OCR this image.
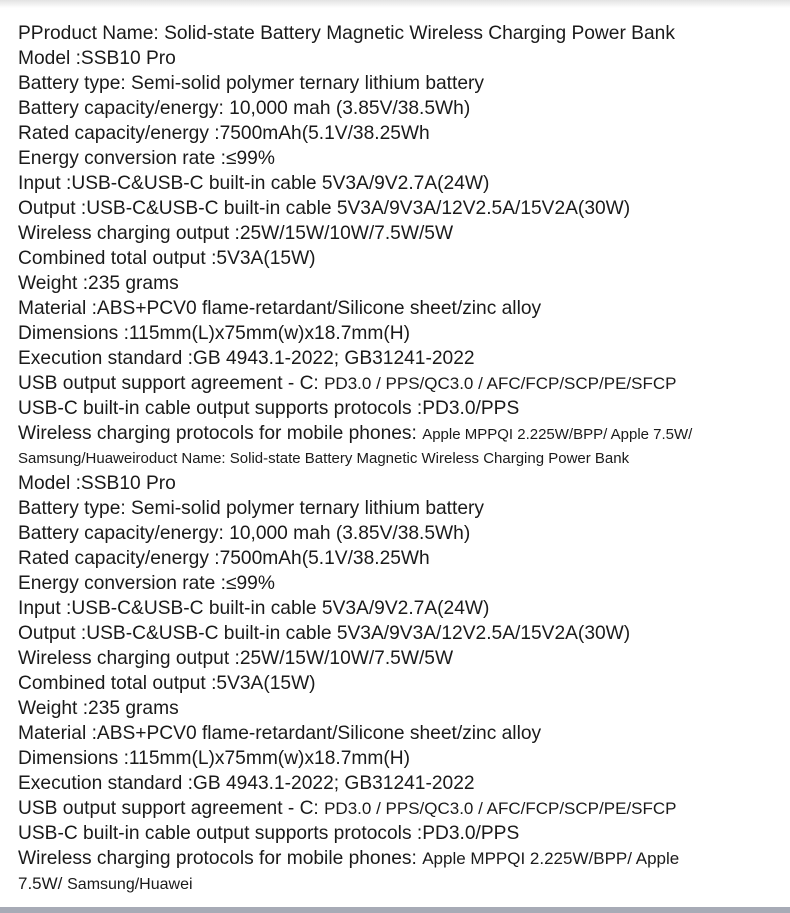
PProduct Name: Solid-state Battery Magnetic Wireless Charging Power Bank
Model :SSB10 Pro
Battery type: Semi-solid polymer ternary lithium battery
Battery capacity/energy: 10,000 mah (3.85V/38.5Wh)
Rated capacity/energy :7500mAh(5.1V/38.25Wh
Energy conversion rate :≤99%
Input :USB-C&USB-C built-in cable 5V3A/9V2.7A(24W)
Output :USB-C&USB-C built-in cable 5V3A/9V3A/12V2.5A/15V2A(30W)
Wireless charging output :25W/15W/10W/7.5W/5W
Combined total output :5V3A(15W)
Weight :235 grams
Material :ABS+PCV0 flame-retardant/Silicone sheet/zinc alloy
Dimensions :115mm(L)x75mm(w)x18.7mm(H)
Execution standard :GB 4943.1-2022; GB31241-2022
USB output support agreement - C: PD3.0 / PPS/QC3.0 / AFC/FCP/SCP/PE/SFCP
USB-C built-in cable output supports protocols :PD3.0/PPS
Wireless charging protocols for mobile phones: Apple MPPQI 2.225W/BPP/ Apple 7.5W/
Samsung/Huaweiroduct Name: Solid-state Battery Magnetic Wireless Charging Power Bank
Model :SSB10 Pro
Battery type: Semi-solid polymer ternary lithium battery
Battery capacity/energy: 10,000 mah (3.85V/38.5Wh)
Rated capacity/energy :7500mAh(5.1V/38.25Wh
Energy conversion rate :≤99%
Input :USB-C&USB-C built-in cable 5V3A/9V2.7A(24W)
Output :USB-C&USB-C built-in cable 5V3A/9V3A/12V2.5A/15V2A(30W)
Wireless charging output :25W/15W/10W/7.5W/5W
Combined total output :5V3A(15W)
Weight :235 grams
Material :ABS+PCV0 flame-retardant/Silicone sheet/zinc alloy
Dimensions :115mm(L)x75mm(w)x18.7mm(H)
Execution standard :GB 4943.1-2022; GB31241-2022
USB output support agreement - C: PD3.0 / PPS/QC3.0 / AFC/FCP/SCP/PE/SFCP
USB-C built-in cable output supports protocols :PD3.0/PPS
Wireless charging protocols for mobile phones: Apple MPPQI 2.225W/BPP/ Apple
7.5W/ Samsung/Huawei
